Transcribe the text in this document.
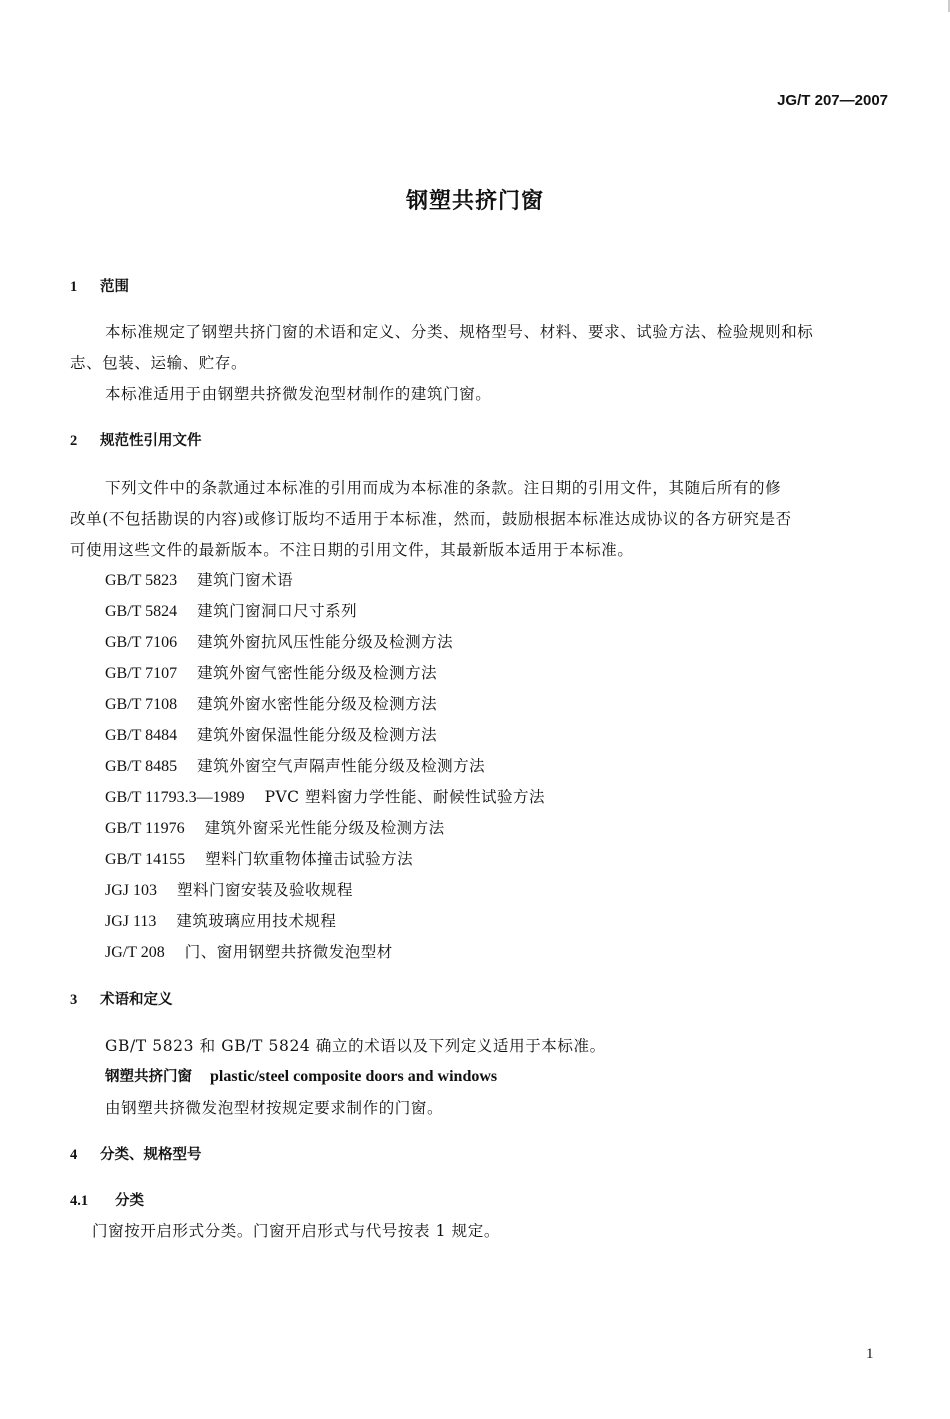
JG/T 207—2007
钢塑共挤门窗
1 范围
本标准规定了钢塑共挤门窗的术语和定义、分类、规格型号、材料、要求、试验方法、检验规则和标
志、包装、运输、贮存。
本标准适用于由钢塑共挤微发泡型材制作的建筑门窗。
2 规范性引用文件
下列文件中的条款通过本标准的引用而成为本标准的条款。注日期的引用文件，其随后所有的修
改单(不包括勘误的内容)或修订版均不适用于本标准，然而，鼓励根据本标准达成协议的各方研究是否
可使用这些文件的最新版本。不注日期的引用文件，其最新版本适用于本标准。
GB/T 5823 建筑门窗术语
GB/T 5824 建筑门窗洞口尺寸系列
GB/T 7106 建筑外窗抗风压性能分级及检测方法
GB/T 7107 建筑外窗气密性能分级及检测方法
GB/T 7108 建筑外窗水密性能分级及检测方法
GB/T 8484 建筑外窗保温性能分级及检测方法
GB/T 8485 建筑外窗空气声隔声性能分级及检测方法
GB/T 11793.3—1989 PVC 塑料窗力学性能、耐候性试验方法
GB/T 11976 建筑外窗采光性能分级及检测方法
GB/T 14155 塑料门软重物体撞击试验方法
JGJ 103 塑料门窗安装及验收规程
JGJ 113 建筑玻璃应用技术规程
JG/T 208 门、窗用钢塑共挤微发泡型材
3 术语和定义
GB/T 5823 和 GB/T 5824 确立的术语以及下列定义适用于本标准。
钢塑共挤门窗 plastic/steel composite doors and windows
由钢塑共挤微发泡型材按规定要求制作的门窗。
4 分类、规格型号
4.1 分类
门窗按开启形式分类。门窗开启形式与代号按表 1 规定。
1
